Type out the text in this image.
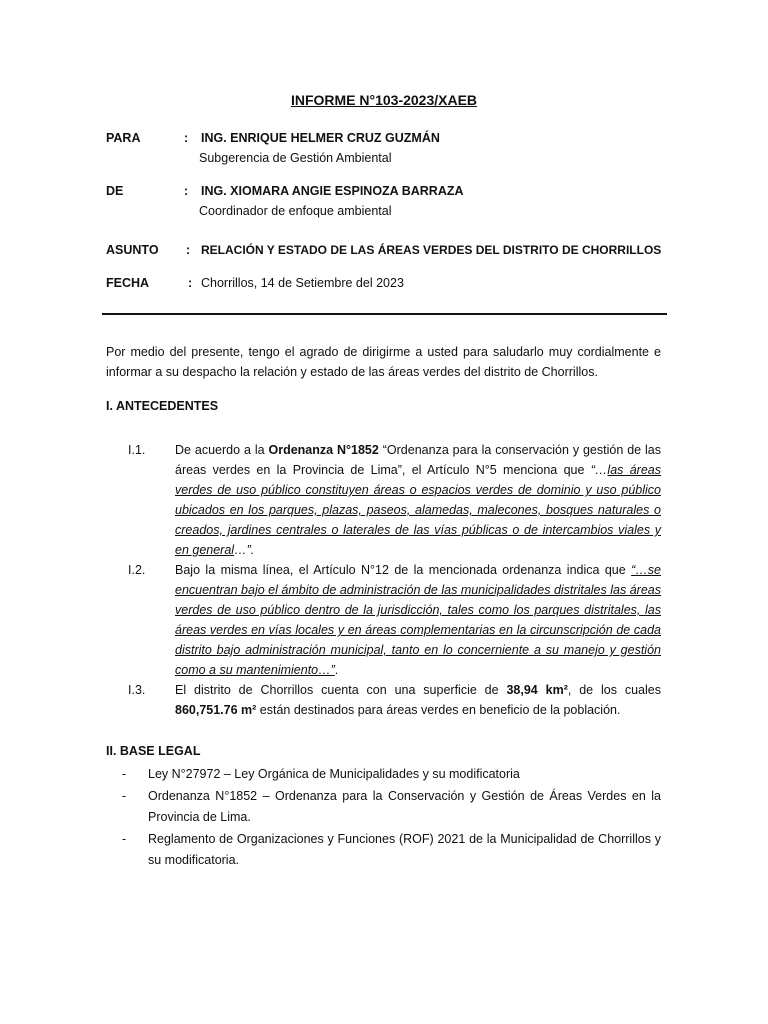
INFORME N°103-2023/XAEB
PARA	: ING. ENRIQUE HELMER CRUZ GUZMÁN
Subgerencia de Gestión Ambiental
DE	: ING. XIOMARA ANGIE ESPINOZA BARRAZA
Coordinador de enfoque ambiental
ASUNTO : RELACIÓN Y ESTADO DE LAS ÁREAS VERDES DEL DISTRITO DE CHORRILLOS
FECHA	: Chorrillos, 14 de Setiembre del 2023
Por medio del presente, tengo el agrado de dirigirme a usted para saludarlo muy cordialmente e informar a su despacho la relación y estado de las áreas verdes del distrito de Chorrillos.
I. ANTECEDENTES
I.1. De acuerdo a la Ordenanza N°1852 “Ordenanza para la conservación y gestión de las áreas verdes en la Provincia de Lima”, el Artículo N°5 menciona que “…las áreas verdes de uso público constituyen áreas o espacios verdes de dominio y uso público ubicados en los parques, plazas, paseos, alamedas, malecones, bosques naturales o creados, jardines centrales o laterales de las vías públicas o de intercambios viales y en general…”.
I.2. Bajo la misma línea, el Artículo N°12 de la mencionada ordenanza indica que “…se encuentran bajo el ámbito de administración de las municipalidades distritales las áreas verdes de uso público dentro de la jurisdicción, tales como los parques distritales, las áreas verdes en vías locales y en áreas complementarias en la circunscripción de cada distrito bajo administración municipal, tanto en lo concerniente a su manejo y gestión como a su mantenimiento…”.
I.3. El distrito de Chorrillos cuenta con una superficie de 38,94 km², de los cuales 860,751.76 m² están destinados para áreas verdes en beneficio de la población.
II. BASE LEGAL
- Ley N°27972 – Ley Orgánica de Municipalidades y su modificatoria
- Ordenanza N°1852 – Ordenanza para la Conservación y Gestión de Áreas Verdes en la Provincia de Lima.
- Reglamento de Organizaciones y Funciones (ROF) 2021 de la Municipalidad de Chorrillos y su modificatoria.
